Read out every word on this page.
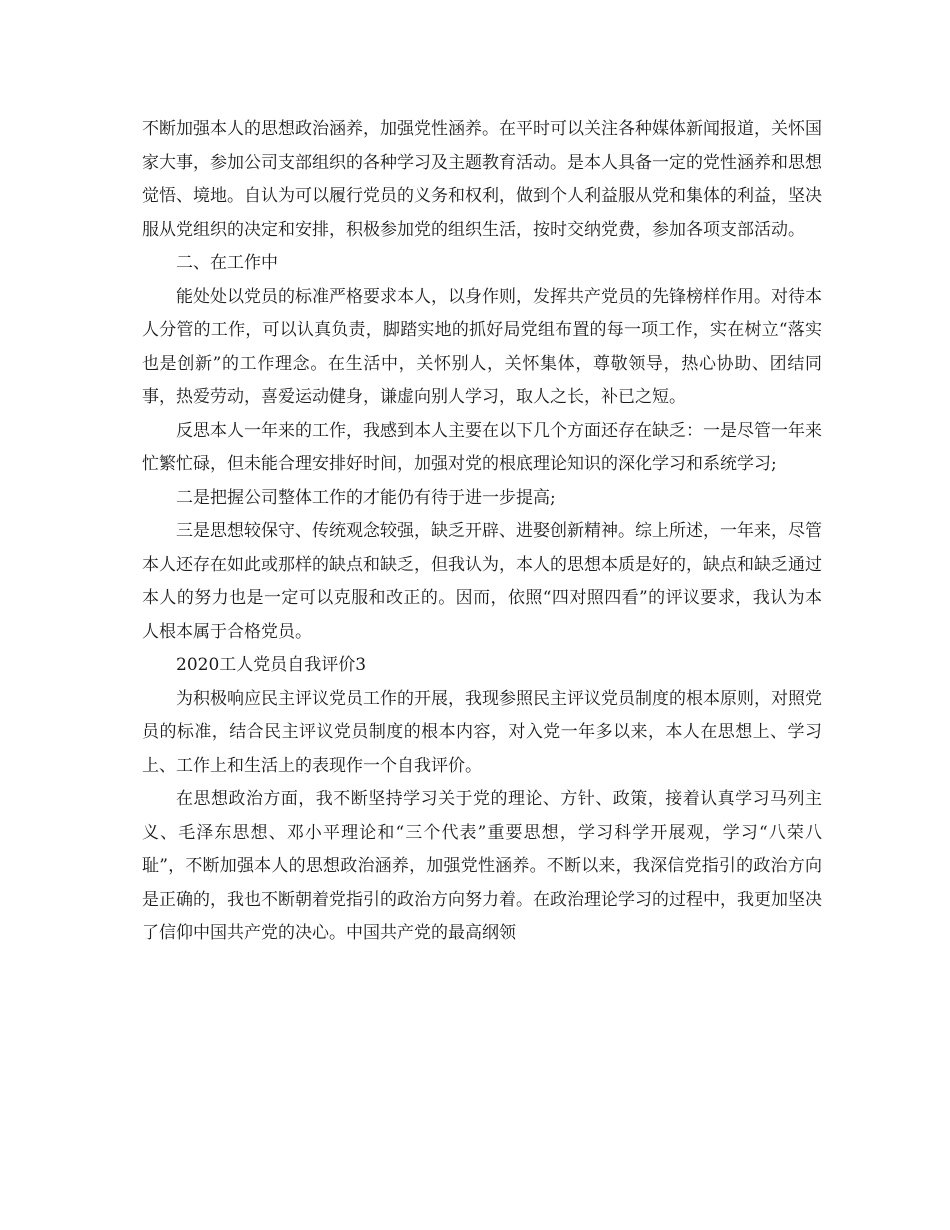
不断加强本人的思想政治涵养，加强党性涵养。在平时可以关注各种媒体新闻报道，关怀国家大事，参加公司支部组织的各种学习及主题教育活动。是本人具备一定的党性涵养和思想觉悟、境地。自认为可以履行党员的义务和权利，做到个人利益服从党和集体的利益，坚决服从党组织的决定和安排，积极参加党的组织生活，按时交纳党费，参加各项支部活动。

二、在工作中

能处处以党员的标准严格要求本人，以身作则，发挥共产党员的先锋榜样作用。对待本人分管的工作，可以认真负责，脚踏实地的抓好局党组布置的每一项工作，实在树立“落实也是创新”的工作理念。在生活中，关怀别人，关怀集体，尊敬领导，热心协助、团结同事，热爱劳动，喜爱运动健身，谦虚向别人学习，取人之长，补已之短。

反思本人一年来的工作，我感到本人主要在以下几个方面还存在缺乏：一是尽管一年来忙繁忙碌，但未能合理安排好时间，加强对党的根底理论知识的深化学习和系统学习;

二是把握公司整体工作的才能仍有待于进一步提高;

三是思想较保守、传统观念较强，缺乏开辟、进娶创新精神。综上所述，一年来，尽管本人还存在如此或那样的缺点和缺乏，但我认为，本人的思想本质是好的，缺点和缺乏通过本人的努力也是一定可以克服和改正的。因而，依照“四对照四看”的评议要求，我认为本人根本属于合格党员。

2020工人党员自我评价3

为积极响应民主评议党员工作的开展，我现参照民主评议党员制度的根本原则，对照党员的标准，结合民主评议党员制度的根本内容，对入党一年多以来，本人在思想上、学习上、工作上和生活上的表现作一个自我评价。

在思想政治方面，我不断坚持学习关于党的理论、方针、政策，接着认真学习马列主义、毛泽东思想、邓小平理论和“三个代表”重要思想，学习科学开展观，学习“八荣八耻”，不断加强本人的思想政治涵养，加强党性涵养。不断以来，我深信党指引的政治方向是正确的，我也不断朝着党指引的政治方向努力着。在政治理论学习的过程中，我更加坚决了信仰中国共产党的决心。中国共产党的最高纲领
